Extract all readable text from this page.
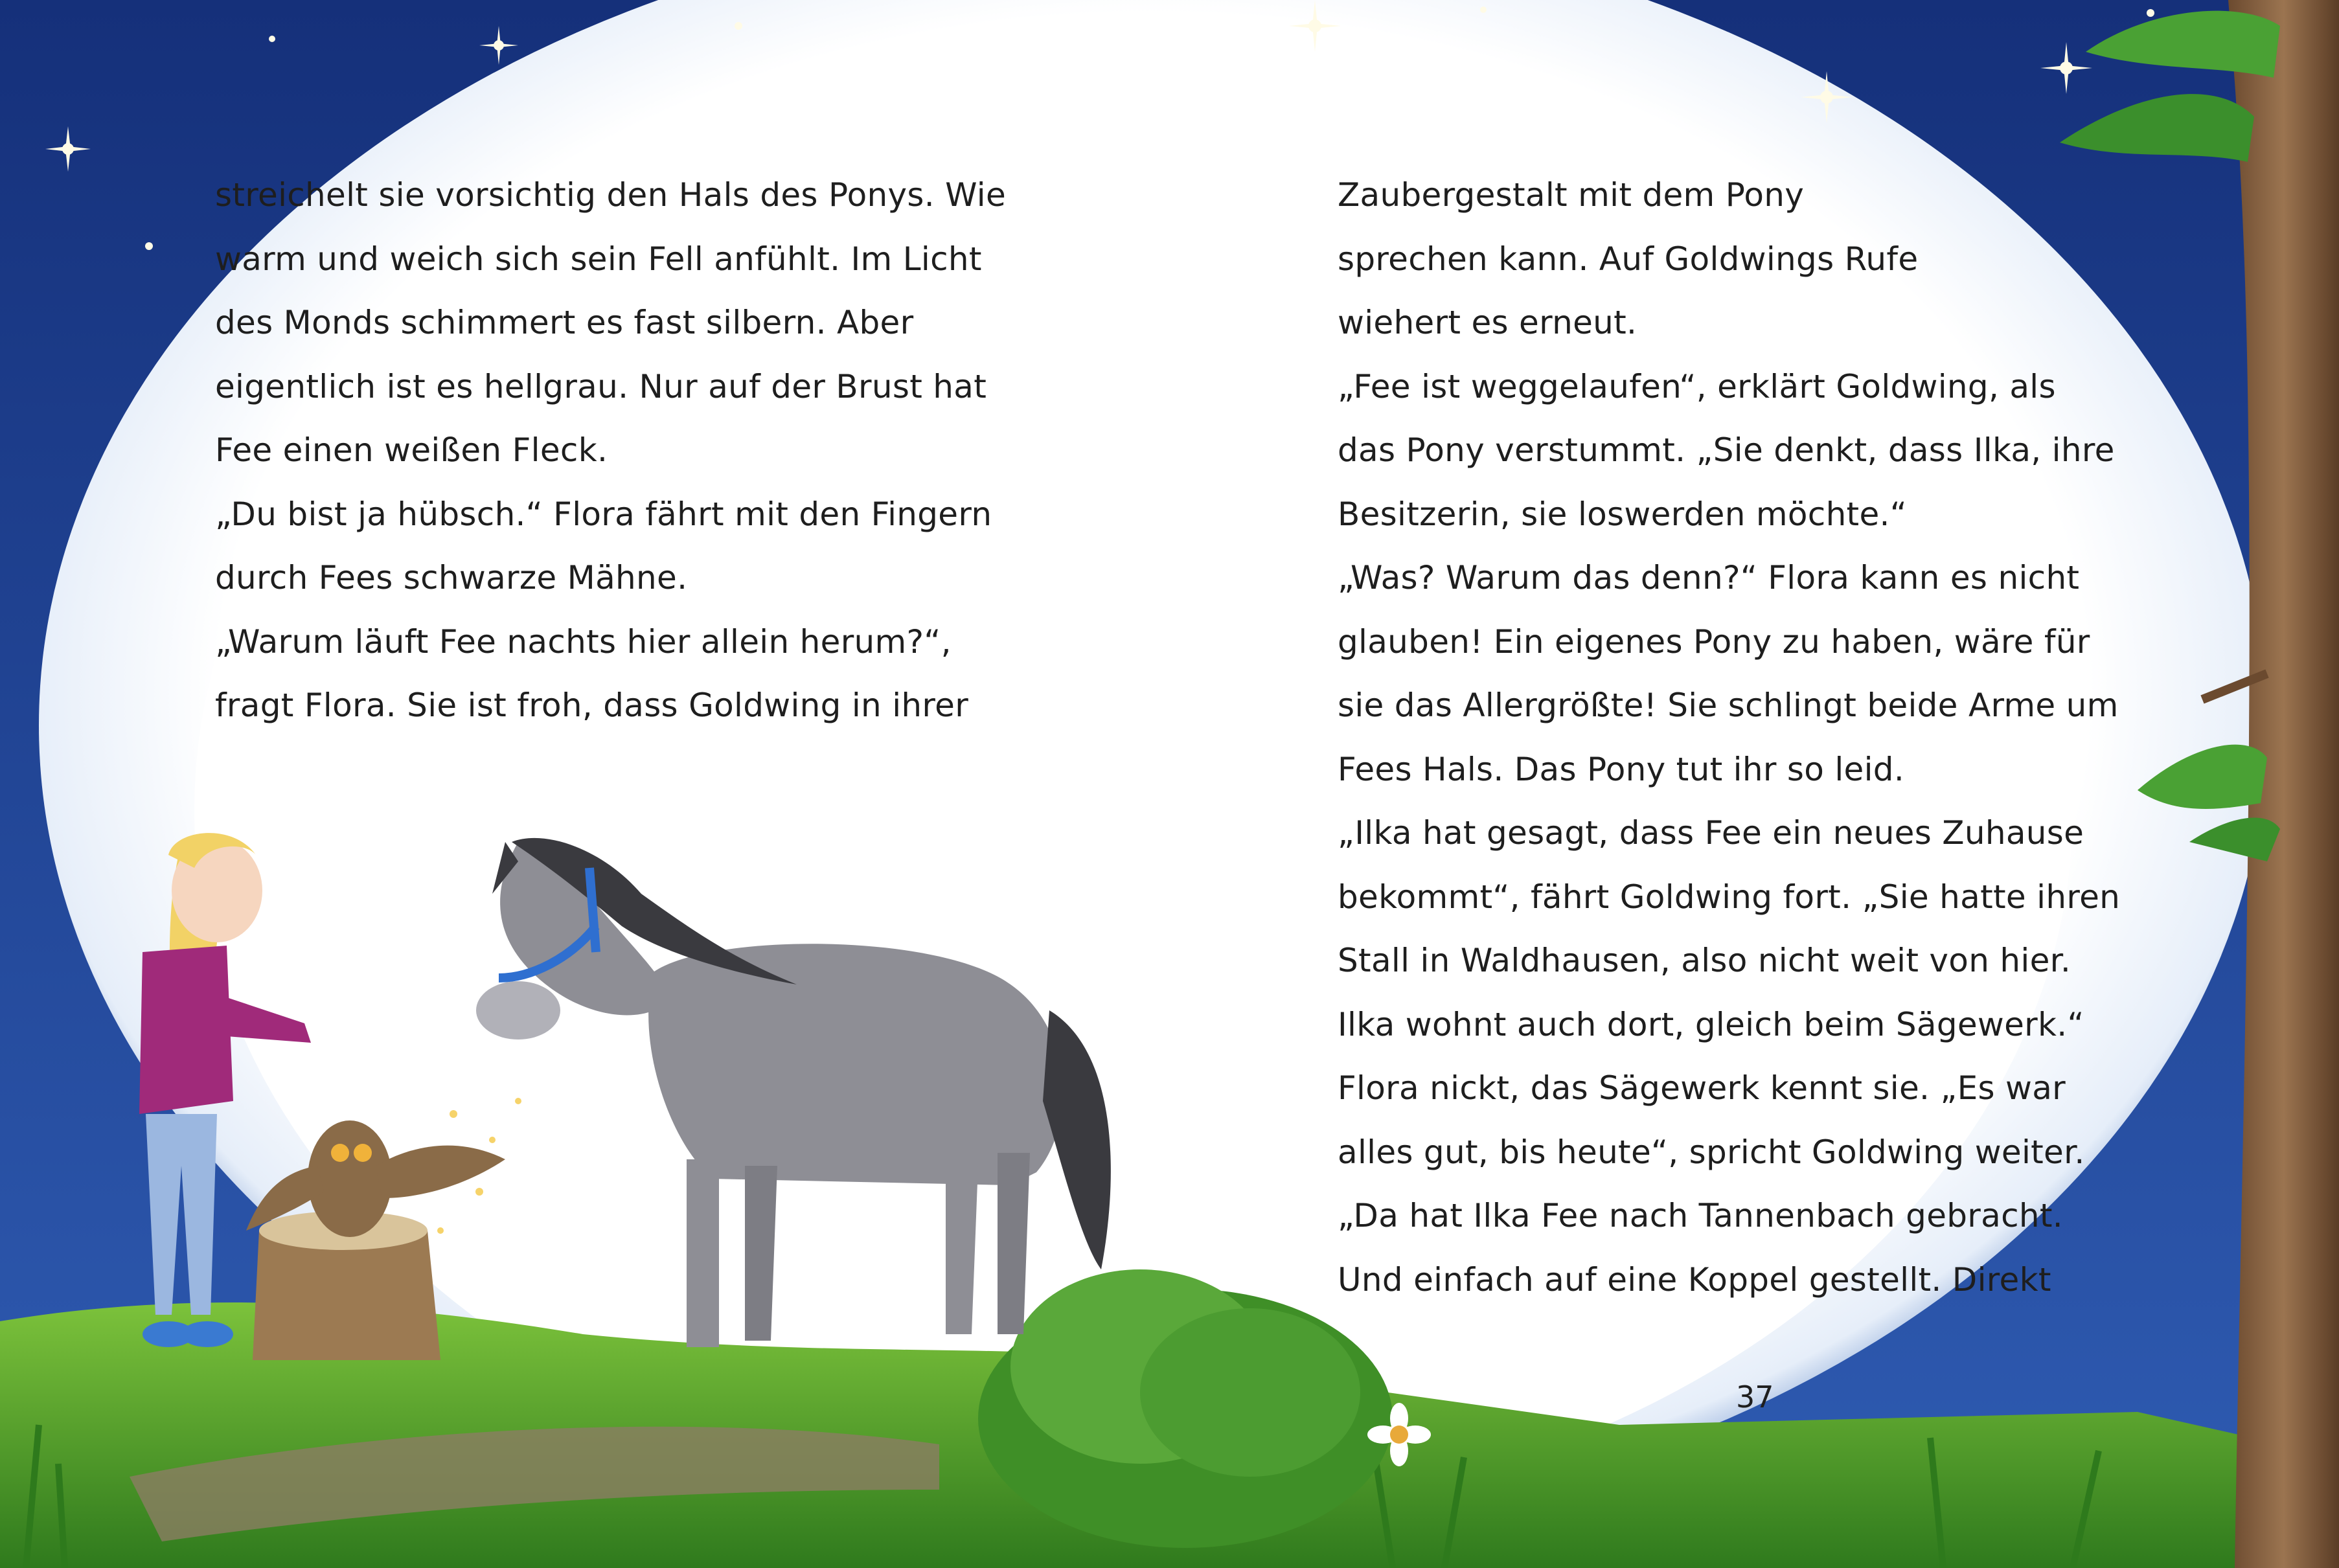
streichelt sie vorsichtig den Hals des Ponys. Wie
warm und weich sich sein Fell anfühlt. Im Licht
des Monds schimmert es fast silbern. Aber
eigentlich ist es hellgrau. Nur auf der Brust hat
Fee einen weißen Fleck.
„Du bist ja hübsch.“ Flora fährt mit den Fingern
durch Fees schwarze Mähne.
„Warum läuft Fee nachts hier allein herum?“,
fragt Flora. Sie ist froh, dass Goldwing in ihrer
Zaubergestalt mit dem Pony
sprechen kann. Auf Goldwings Rufe
wiehert es erneut.
„Fee ist weggelaufen“, erklärt Goldwing, als
das Pony verstummt. „Sie denkt, dass Ilka, ihre
Besitzerin, sie loswerden möchte.“
„Was? Warum das denn?“ Flora kann es nicht
glauben! Ein eigenes Pony zu haben, wäre für
sie das Allergrößte! Sie schlingt beide Arme um
Fees Hals. Das Pony tut ihr so leid.
„Ilka hat gesagt, dass Fee ein neues Zuhause
bekommt“, fährt Goldwing fort. „Sie hatte ihren
Stall in Waldhausen, also nicht weit von hier.
Ilka wohnt auch dort, gleich beim Sägewerk.“
Flora nickt, das Sägewerk kennt sie. „Es war
alles gut, bis heute“, spricht Goldwing weiter.
„Da hat Ilka Fee nach Tannenbach gebracht.
Und einfach auf eine Koppel gestellt. Direkt
37
